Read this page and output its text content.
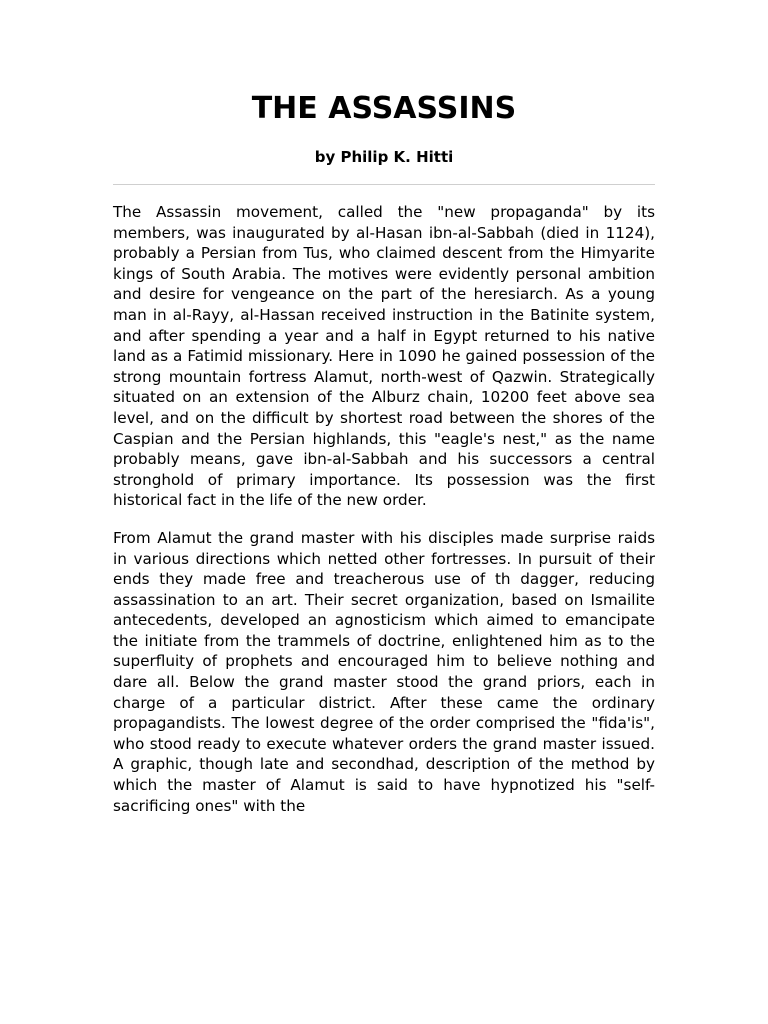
THE ASSASSINS
by Philip K. Hitti

The Assassin movement, called the "new propaganda" by its members, was inaugurated by al-Hasan ibn-al-Sabbah (died in 1124), probably a Persian from Tus, who claimed descent from the Himyarite kings of South Arabia. The motives were evidently personal ambition and desire for vengeance on the part of the heresiarch. As a young man in al-Rayy, al-Hassan received instruction in the Batinite system, and after spending a year and a half in Egypt returned to his native land as a Fatimid missionary. Here in 1090 he gained possession of the strong mountain fortress Alamut, north-west of Qazwin. Strategically situated on an extension of the Alburz chain, 10200 feet above sea level, and on the difficult by shortest road between the shores of the Caspian and the Persian highlands, this "eagle's nest," as the name probably means, gave ibn-al-Sabbah and his successors a central stronghold of primary importance. Its possession was the first historical fact in the life of the new order.

From Alamut the grand master with his disciples made surprise raids in various directions which netted other fortresses. In pursuit of their ends they made free and treacherous use of th dagger, reducing assassination to an art. Their secret organization, based on Ismailite antecedents, developed an agnosticism which aimed to emancipate the initiate from the trammels of doctrine, enlightened him as to the superfluity of prophets and encouraged him to believe nothing and dare all. Below the grand master stood the grand priors, each in charge of a particular district. After these came the ordinary propagandists. The lowest degree of the order comprised the "fida'is", who stood ready to execute whatever orders the grand master issued. A graphic, though late and secondhad, description of the method by which the master of Alamut is said to have hypnotized his "self-sacrificing ones" with the
